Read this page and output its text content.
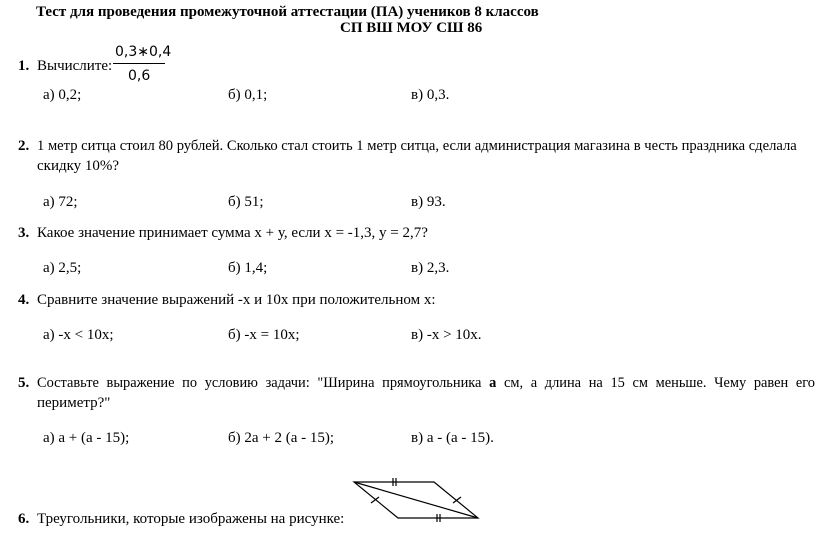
Тест для проведения промежуточной аттестации (ПА) учеников 8 классов
СП ВШ МОУ СШ 86
1. Вычислите:
0,3∗0,4
0,6
а) 0,2;	б) 0,1;	в) 0,3.
2. 1 метр ситца стоил 80 рублей. Сколько стал стоить 1 метр ситца, если администрация магазина в честь праздника сделала
скидку 10%?
а) 72;	б) 51;	в) 93.
3. Какое значение принимает сумма х + у, если х = -1,3, у = 2,7?
а) 2,5;	б) 1,4;	в) 2,3.
4. Сравните значение выражений -х и 10х при положительном х:
а) -х < 10х;	б) -х = 10х;	в) -х > 10х.
5. Составьте выражение по условию задачи: "Ширина прямоугольника а см, а длина на 15 см меньше. Чему равен его
периметр?"
а) а + (а - 15);	б) 2а + 2 (а - 15);	в) а - (а - 15).
6. Треугольники, которые изображены на рисунке:
